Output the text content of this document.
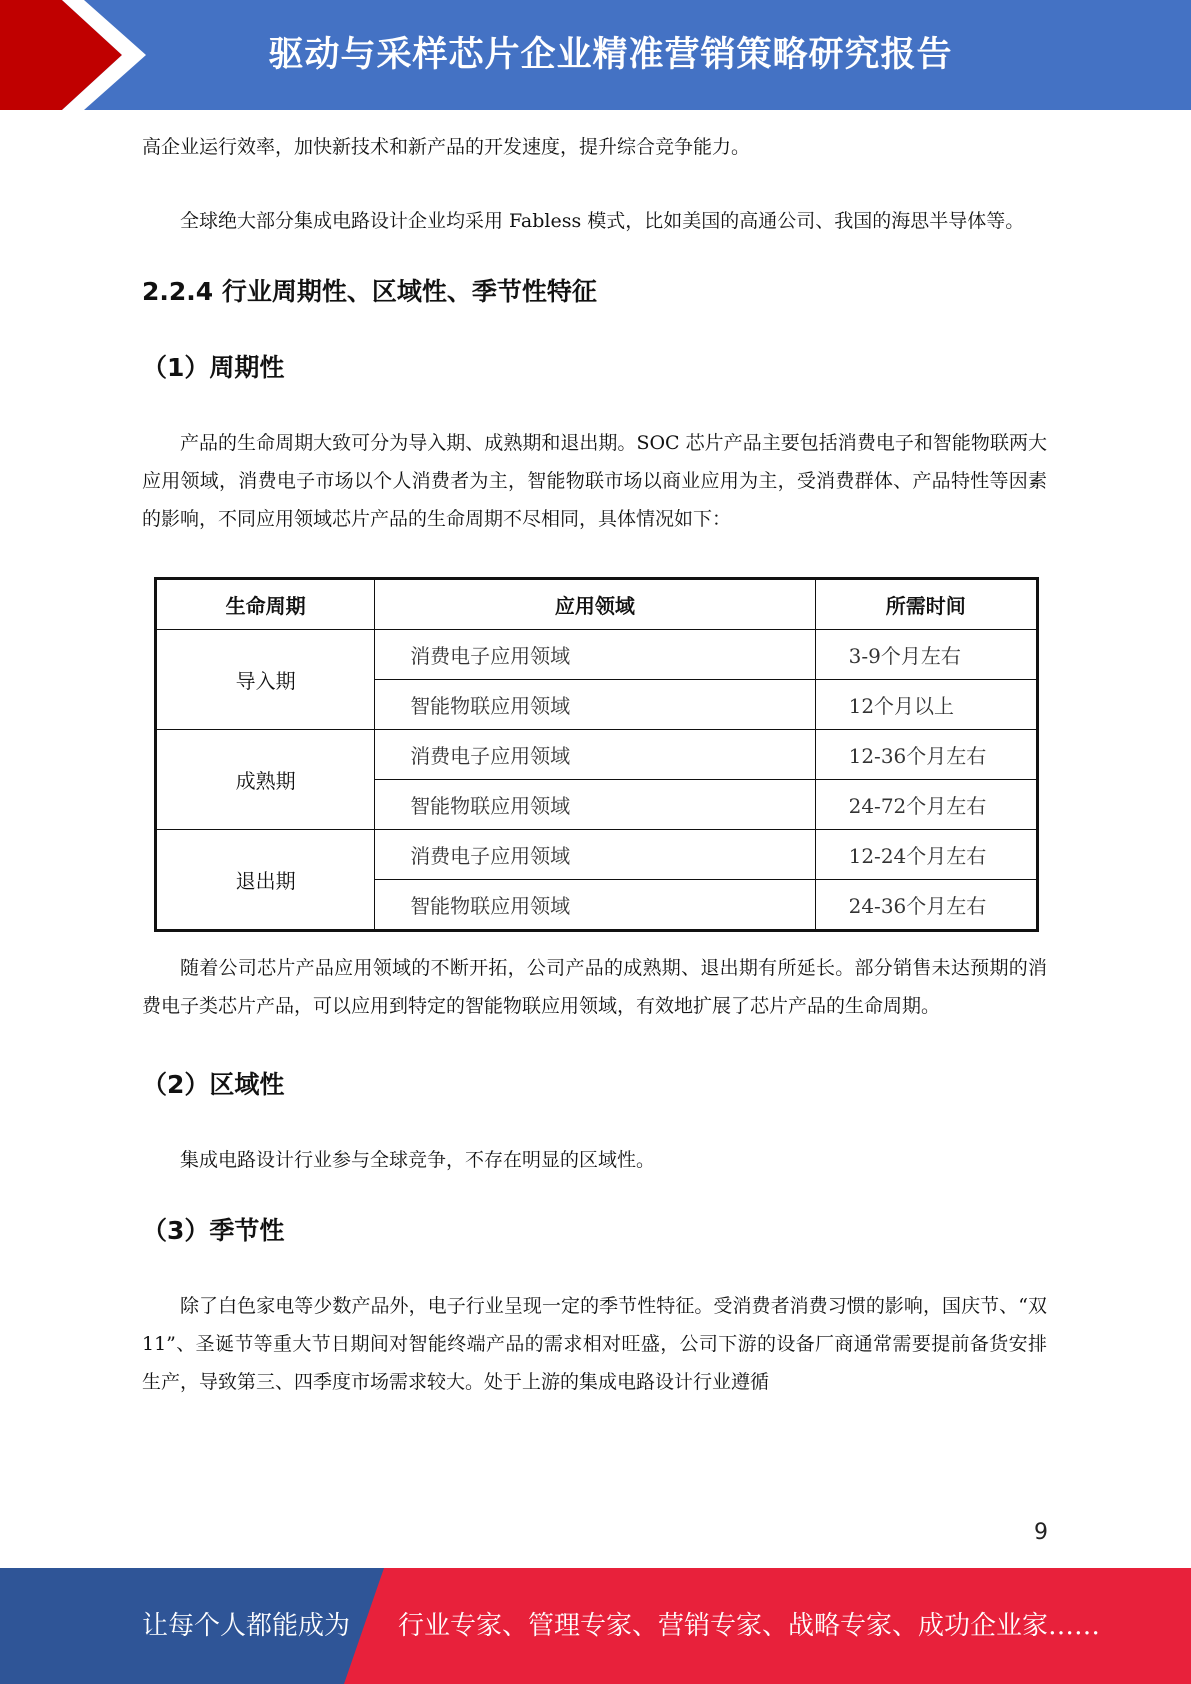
驱动与采样芯片企业精准营销策略研究报告

高企业运行效率，加快新技术和新产品的开发速度，提升综合竞争能力。

全球绝大部分集成电路设计企业均采用 Fabless 模式，比如美国的高通公司、我国的海思半导体等。

2.2.4 行业周期性、区域性、季节性特征
（1）周期性

产品的生命周期大致可分为导入期、成熟期和退出期。SOC 芯片产品主要包括消费电子和智能物联两大应用领域，消费电子市场以个人消费者为主，智能物联市场以商业应用为主，受消费群体、产品特性等因素的影响，不同应用领域芯片产品的生命周期不尽相同，具体情况如下：

生命周期	应用领域	所需时间
导入期	消费电子应用领域	3-9个月左右
	智能物联应用领域	12个月以上
成熟期	消费电子应用领域	12-36个月左右
	智能物联应用领域	24-72个月左右
退出期	消费电子应用领域	12-24个月左右
	智能物联应用领域	24-36个月左右

随着公司芯片产品应用领域的不断开拓，公司产品的成熟期、退出期有所延长。部分销售未达预期的消费电子类芯片产品，可以应用到特定的智能物联应用领域，有效地扩展了芯片产品的生命周期。

（2）区域性

集成电路设计行业参与全球竞争，不存在明显的区域性。

（3）季节性

除了白色家电等少数产品外，电子行业呈现一定的季节性特征。受消费者消费习惯的影响，国庆节、“双 11”、圣诞节等重大节日期间对智能终端产品的需求相对旺盛，公司下游的设备厂商通常需要提前备货安排生产，导致第三、四季度市场需求较大。处于上游的集成电路设计行业遵循

9
让每个人都能成为 行业专家、管理专家、营销专家、战略专家、成功企业家……
